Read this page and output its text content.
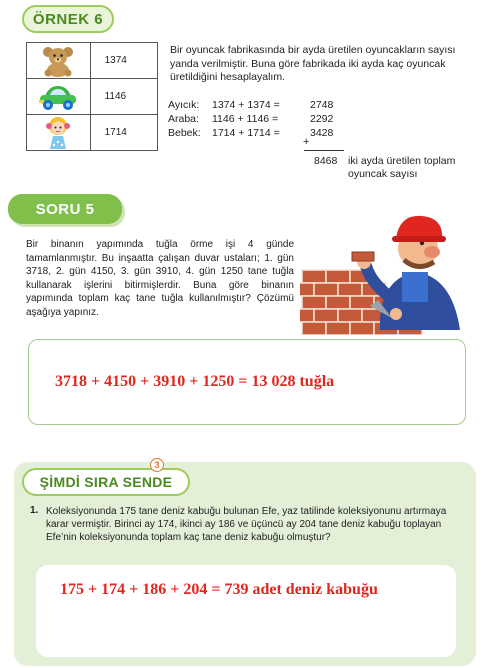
ÖRNEK 6
	1374

	1146

	1714
Bir oyuncak fabrikasında bir ayda üretilen oyuncakların sayısı yanda verilmiştir. Buna göre fabrikada iki ayda kaç oyuncak üretildiğini hesaplayalım.
Ayıcık: 1374 + 1374 =	2748
Araba: 1146 + 1146 =	2292
Bebek: 1714 + 1714 =	3428
+
8468 iki ayda üretilen toplam oyuncak sayısı
SORU 5
Bir binanın yapımında tuğla örme işi 4 günde tamamlanmıştır. Bu inşaatta çalışan duvar ustaları; 1. gün 3718, 2. gün 4150, 3. gün 3910, 4. gün 1250 tane tuğla kullanarak işlerini bitirmişlerdir. Buna göre binanın yapımında toplam kaç tane tuğla kullanılmıştır? Çözümü aşağıya yapınız.
3718 + 4150 + 3910 + 1250 = 13 028 tuğla
ŞİMDİ SIRA SENDE
3
1. Koleksiyonunda 175 tane deniz kabuğu bulunan Efe, yaz tatilinde koleksiyonunu artırmaya karar vermiştir. Birinci ay 174, ikinci ay 186 ve üçüncü ay 204 tane deniz kabuğu toplayan Efe’nin koleksiyonunda toplam kaç tane deniz kabuğu olmuştur?
175 + 174 + 186 + 204 = 739 adet deniz kabuğu
